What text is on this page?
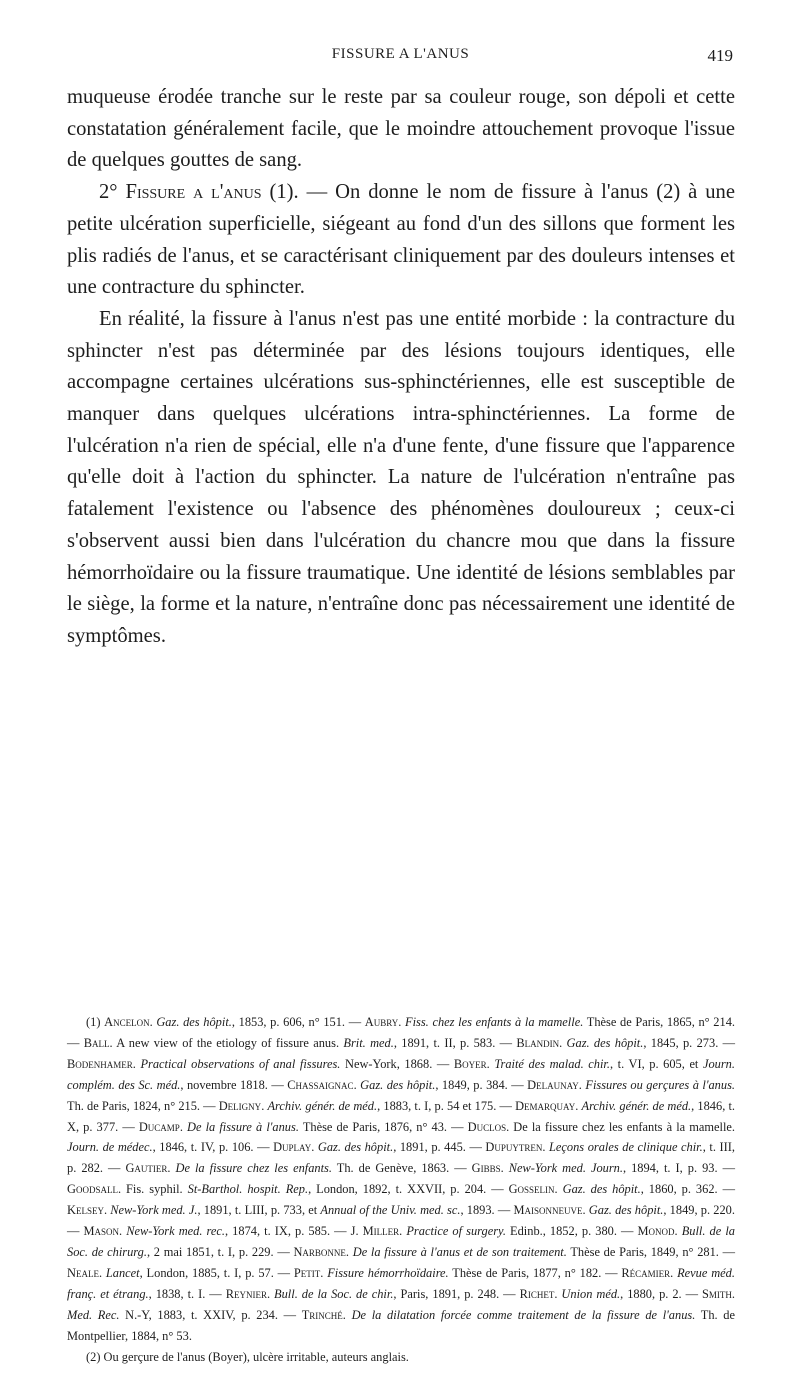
FISSURE A L'ANUS	419

muqueuse érodée tranche sur le reste par sa couleur rouge, son dépoli et cette constatation généralement facile, que le moindre attouchement provoque l'issue de quelques gouttes de sang.

2° Fissure a l'anus (1). — On donne le nom de fissure à l'anus (2) à une petite ulcération superficielle, siégeant au fond d'un des sillons que forment les plis radiés de l'anus, et se caractérisant cliniquement par des douleurs intenses et une contracture du sphincter.

En réalité, la fissure à l'anus n'est pas une entité morbide : la contracture du sphincter n'est pas déterminée par des lésions toujours identiques, elle accompagne certaines ulcérations sus-sphinctériennes, elle est susceptible de manquer dans quelques ulcérations intra-sphinctériennes. La forme de l'ulcération n'a rien de spécial, elle n'a d'une fente, d'une fissure que l'apparence qu'elle doit à l'action du sphincter. La nature de l'ulcération n'entraîne pas fatalement l'existence ou l'absence des phénomènes douloureux ; ceux-ci s'observent aussi bien dans l'ulcération du chancre mou que dans la fissure hémorrhoïdaire ou la fissure traumatique. Une identité de lésions semblables par le siège, la forme et la nature, n'entraîne donc pas nécessairement une identité de symptômes.

(1) Ancelon. Gaz. des hôpit., 1853, p. 606, n° 151. — Aubry. Fiss. chez les enfants à la mamelle. Thèse de Paris, 1865, n° 214. — Ball. A new view of the etiology of fissure anus. Brit. med., 1891, t. II, p. 583. — Blandin. Gaz. des hôpit., 1845, p. 273. — Bodenhamer. Practical observations of anal fissures. New-York, 1868. — Boyer. Traité des malad. chir., t. VI, p. 605, et Journ. complém. des Sc. méd., novembre 1818. — Chassaignac. Gaz. des hôpit., 1849, p. 384. — Delaunay. Fissures ou gerçures à l'anus. Th. de Paris, 1824, n° 215. — Deligny. Archiv. génér. de méd., 1883, t. I, p. 54 et 175. — Demarquay. Archiv. génér. de méd., 1846, t. X, p. 377. — Ducamp. De la fissure à l'anus. Thèse de Paris, 1876, n° 43. — Duclos. De la fissure chez les enfants à la mamelle. Journ. de médec., 1846, t. IV, p. 106. — Duplay. Gaz. des hôpit., 1891, p. 445. — Dupuytren. Leçons orales de clinique chir., t. III, p. 282. — Gautier. De la fissure chez les enfants. Th. de Genève, 1863. — Gibbs. New-York med. Journ., 1894, t. I, p. 93. — Goodsall. Fis. syphil. St-Barthol. hospit. Rep., London, 1892, t. XXVII, p. 204. — Gosselin. Gaz. des hôpit., 1860, p. 362. — Kelsey. New-York med. J., 1891, t. LIII, p. 733, et Annual of the Univ. med. sc., 1893. — Maisonneuve. Gaz. des hôpit., 1849, p. 220. — Mason. New-York med. rec., 1874, t. IX, p. 585. — J. Miller. Practice of surgery. Edinb., 1852, p. 380. — Monod. Bull. de la Soc. de chirurg., 2 mai 1851, t. I, p. 229. — Narbonne. De la fissure à l'anus et de son traitement. Thèse de Paris, 1849, n° 281. — Neale. Lancet, London, 1885, t. I, p. 57. — Petit. Fissure hémorrhoïdaire. Thèse de Paris, 1877, n° 182. — Récamier. Revue méd. franç. et étrang., 1838, t. I. — Reynier. Bull. de la Soc. de chir., Paris, 1891, p. 248. — Richet. Union méd., 1880, p. 2. — Smith. Med. Rec. N.-Y, 1883, t. XXIV, p. 234. — Trinché. De la dilatation forcée comme traitement de la fissure de l'anus. Th. de Montpellier, 1884, n° 53.

(2) Ou gerçure de l'anus (Boyer), ulcère irritable, auteurs anglais.
